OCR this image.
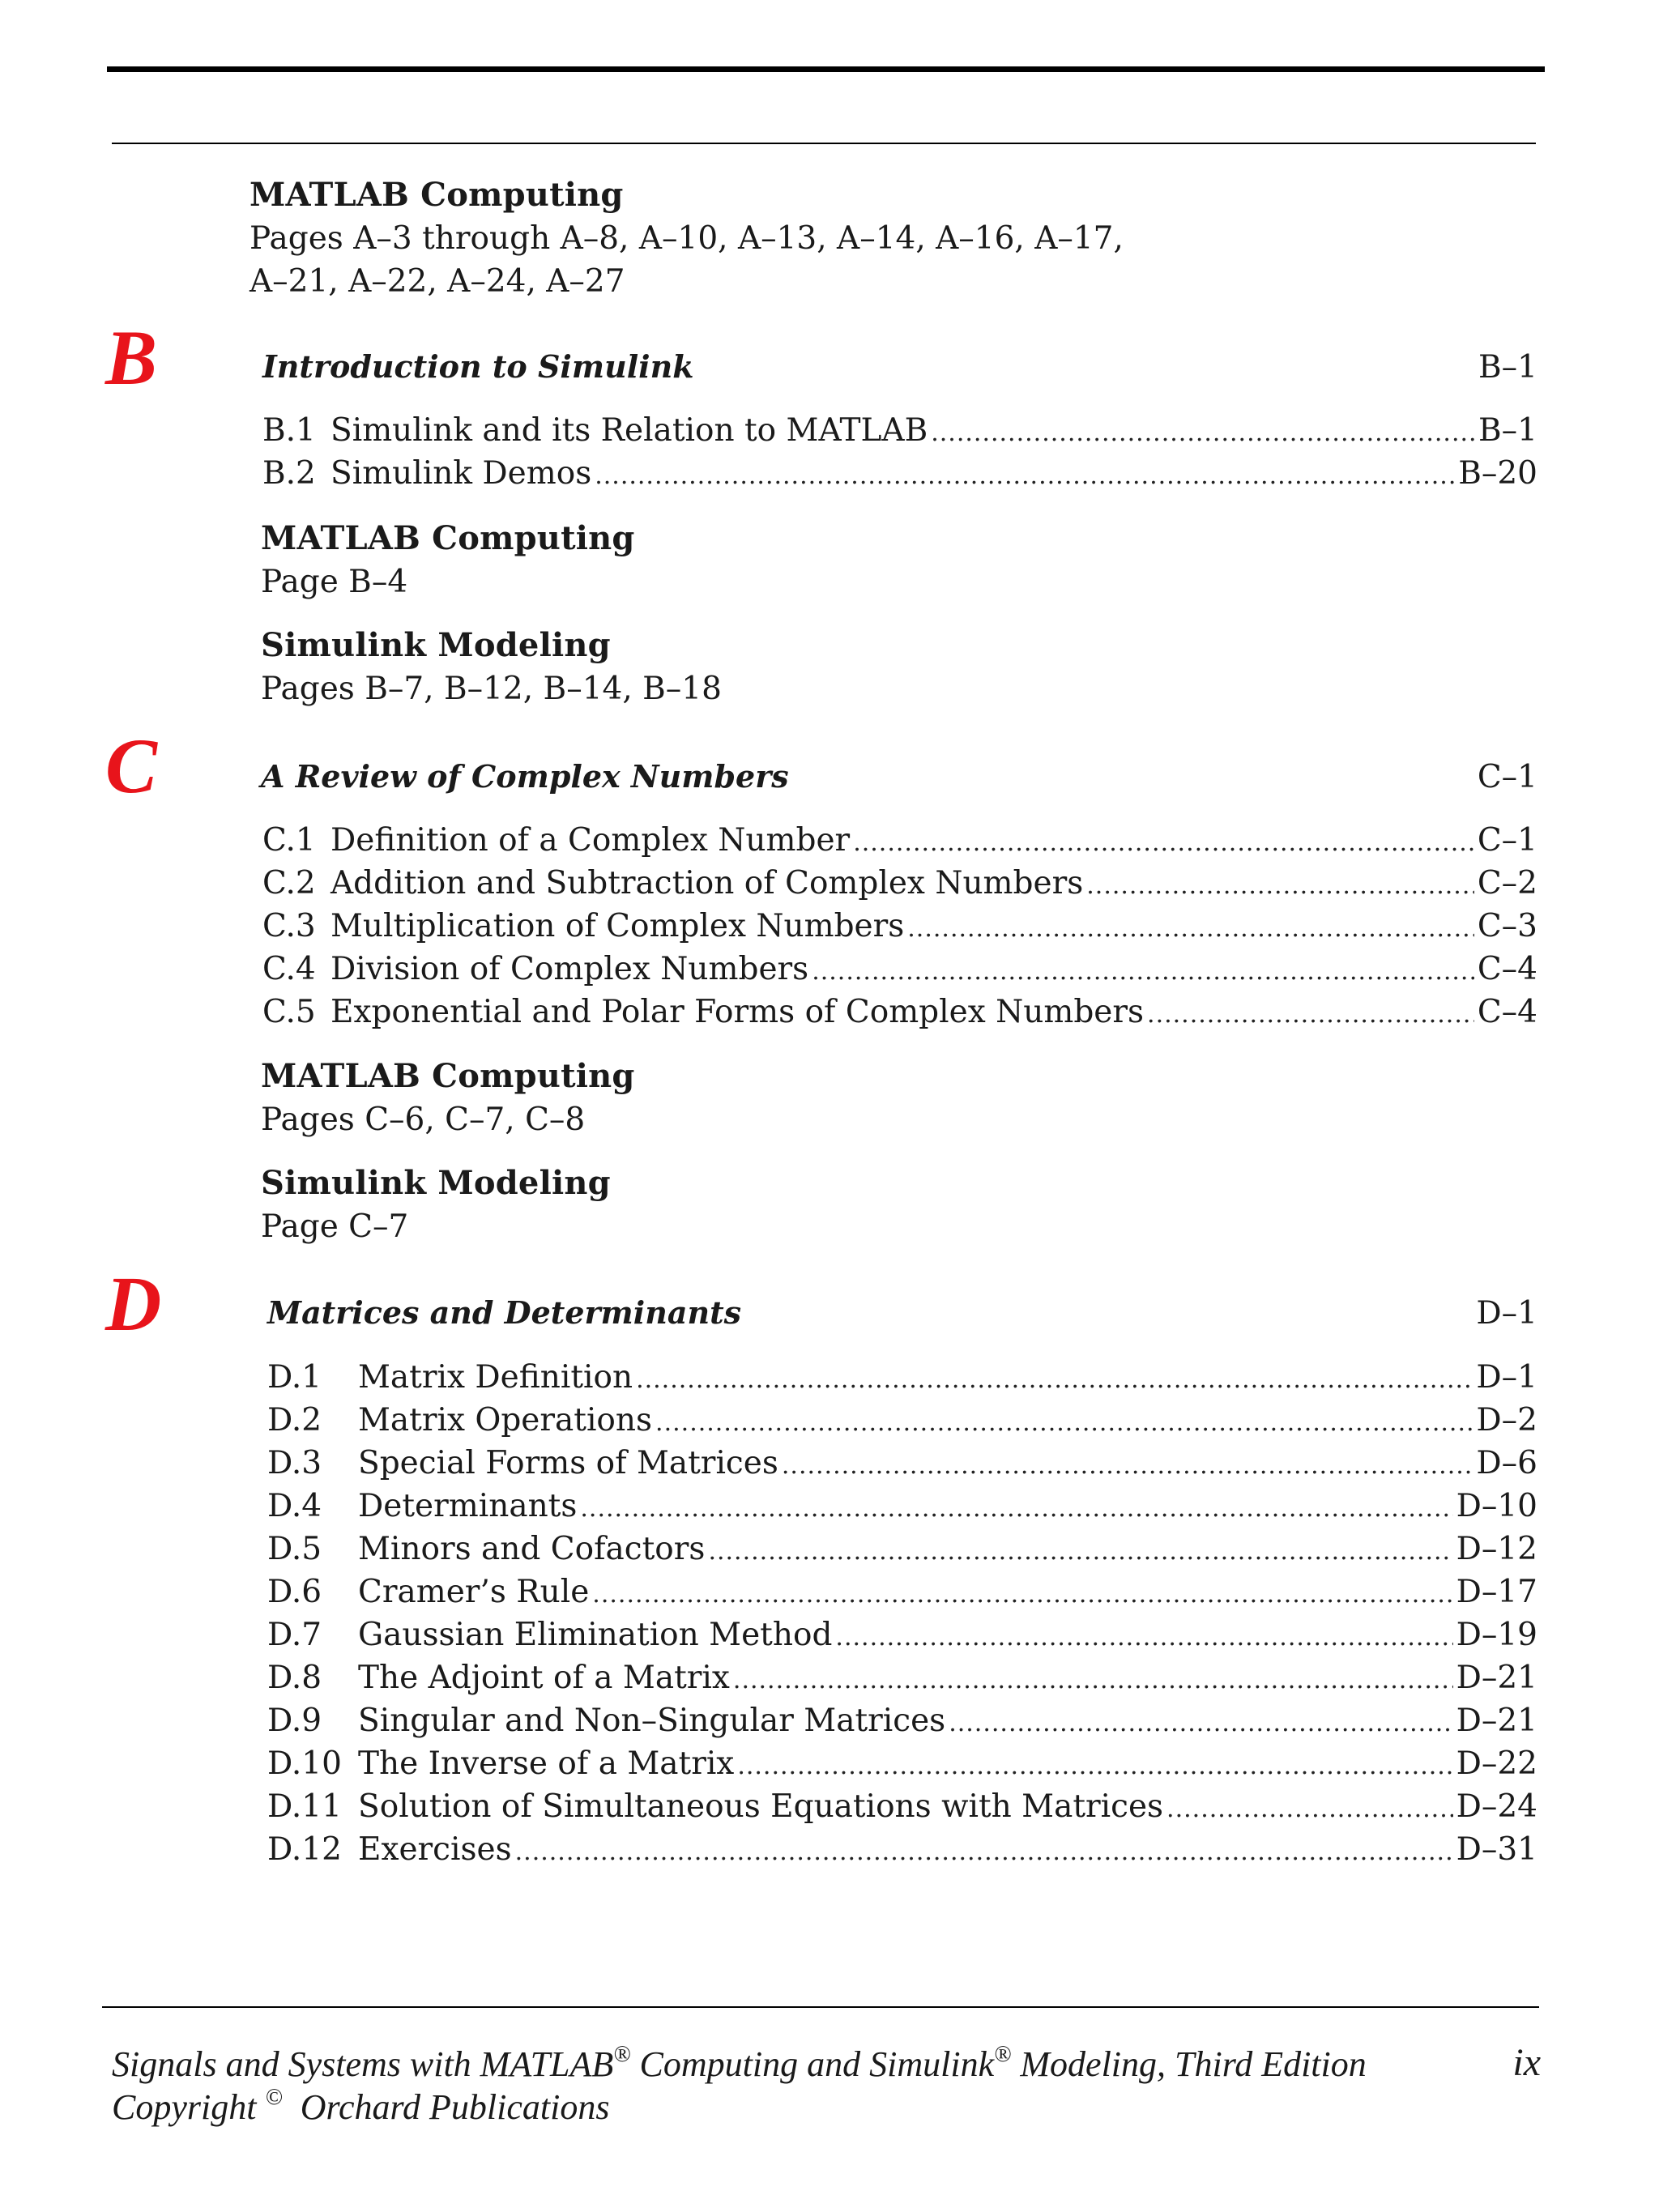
MATLAB Computing
Pages A–3 through A–8, A–10, A–13, A–14, A–16, A–17,
A–21, A–22, A–24, A–27
B	Introduction to Simulink	B–1
B.1 Simulink and its Relation to MATLAB .....	B–1
B.2 Simulink Demos .....	B–20
MATLAB Computing
Page B–4
Simulink Modeling
Pages B–7, B–12, B–14, B–18
C	A Review of Complex Numbers	C–1
C.1 Definition of a Complex Number .....	C–1
C.2 Addition and Subtraction of Complex Numbers .....	C–2
C.3 Multiplication of Complex Numbers .....	C–3
C.4 Division of Complex Numbers .....	C–4
C.5 Exponential and Polar Forms of Complex Numbers .....	C–4
MATLAB Computing
Pages C–6, C–7, C–8
Simulink Modeling
Page C–7
D	Matrices and Determinants	D–1
D.1	Matrix Definition .....	D–1
D.2	Matrix Operations .....	D–2
D.3	Special Forms of Matrices .....	D–6
D.4	Determinants .....	D–10
D.5	Minors and Cofactors .....	D–12
D.6	Cramer’s Rule .....	D–17
D.7	Gaussian Elimination Method .....	D–19
D.8	The Adjoint of a Matrix .....	D–21
D.9	Singular and Non–Singular Matrices .....	D–21
D.10 The Inverse of a Matrix .....	D–22
D.11 Solution of Simultaneous Equations with Matrices .....	D–24
D.12 Exercises .....	D–31
Signals and Systems with MATLAB® Computing and Simulink® Modeling, Third Edition
Copyright © Orchard Publications
ix
